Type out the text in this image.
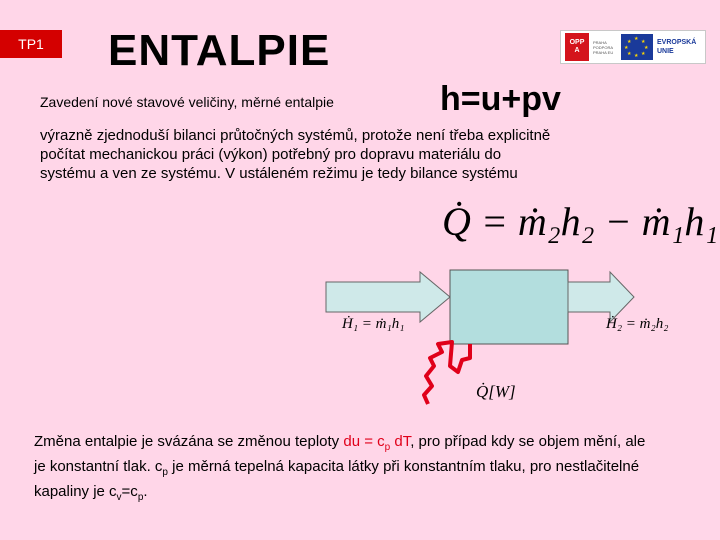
TP1	ENTALPIE	OPP
A
PRAHA PODPORA PRAHA EU
★ ★
★
★
★
★
★
★	EVROPSKÁ
UNIE
Zavedení nové stavové veličiny, měrné entalpie	h=u+pv
výrazně zjednoduší bilanci průtočných systémů, protože není třeba explicitně počítat mechanickou práci (výkon) potřebný pro dopravu materiálu do systému a ven ze systému. V ustáleném režimu je tedy bilance systému
Q̇ = ṁ₂h₂ − ṁ₁h₁
Ḣ₁ = ṁ₁h₁	Ḣ₂ = ṁ₂h₂
Q̇[W]
Změna entalpie je svázána se změnou teploty du = $c_p$ dT, pro případ kdy se objem mění, ale je konstantní tlak. $c_p$ je měrná tepelná kapacita látky při konstantním tlaku, pro nestlačitelné kapaliny je $c_v=c_p$.
